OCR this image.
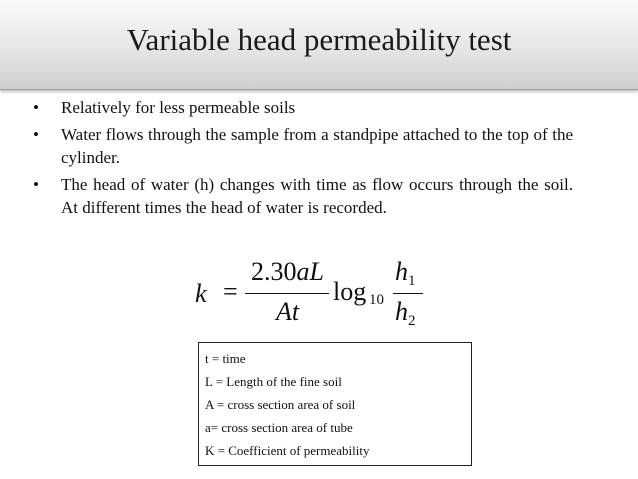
Variable head permeability test
•	Relatively for less permeable soils
•	Water flows through the sample from a standpipe attached to the top of the cylinder.
•	The head of water (h) changes with time as flow occurs through the soil. At different times the head of water is recorded.
k =
2.30aL
At
log 10
$h_1$
$h_2$
t = time
L = Length of the fine soil
A = cross section area of soil
a= cross section area of tube
K = Coefficient of permeability
